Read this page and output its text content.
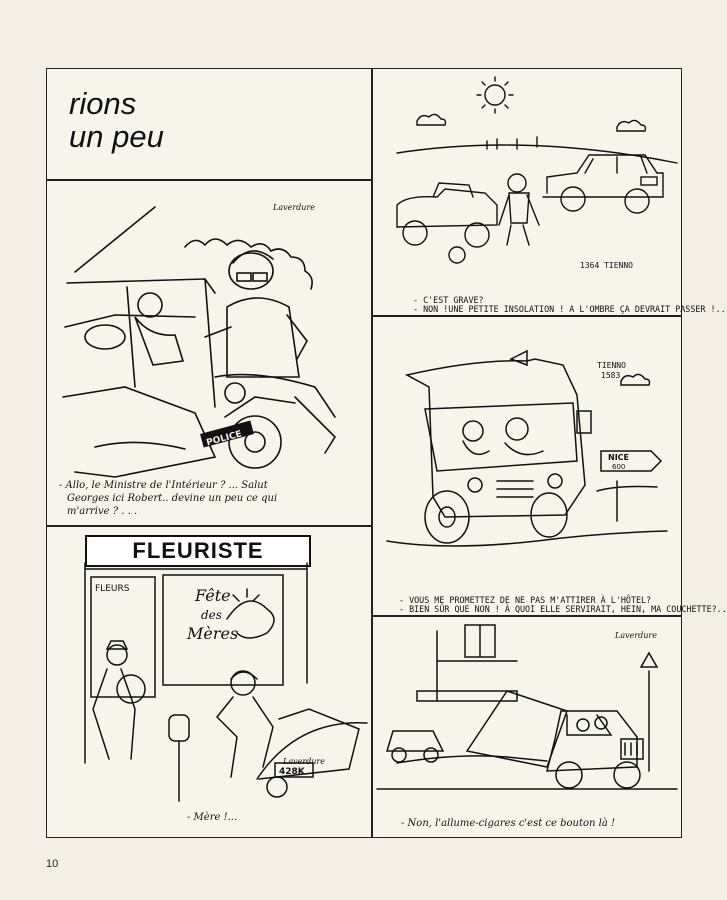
rions
un peu
POLICE
Laverdure

- Allo, le Ministre de l'Intérieur ? ... Salut

Georges ici Robert.. devine un peu ce qui

m'arrive ? . . .

1364 TIENNO

- C'EST GRAVE?

- NON !UNE PETITE INSOLATION ! A L'OMBRE ÇA DEVRAIT PASSER !..

NICE
600
TIENNO
1583

- VOUS ME PROMETTEZ DE NE PAS M'ATTIRER À L'HÔTEL?

- BIEN SÛR QUE NON ! À QUOI ELLE SERVIRAIT, HEIN, MA COUCHETTE?..

FLEURISTE
428K
FLEURS	Fête
des
Mères
Laverdure

- Mère !...

Laverdure

- Non, l'allume-cigares c'est ce bouton là !

10
